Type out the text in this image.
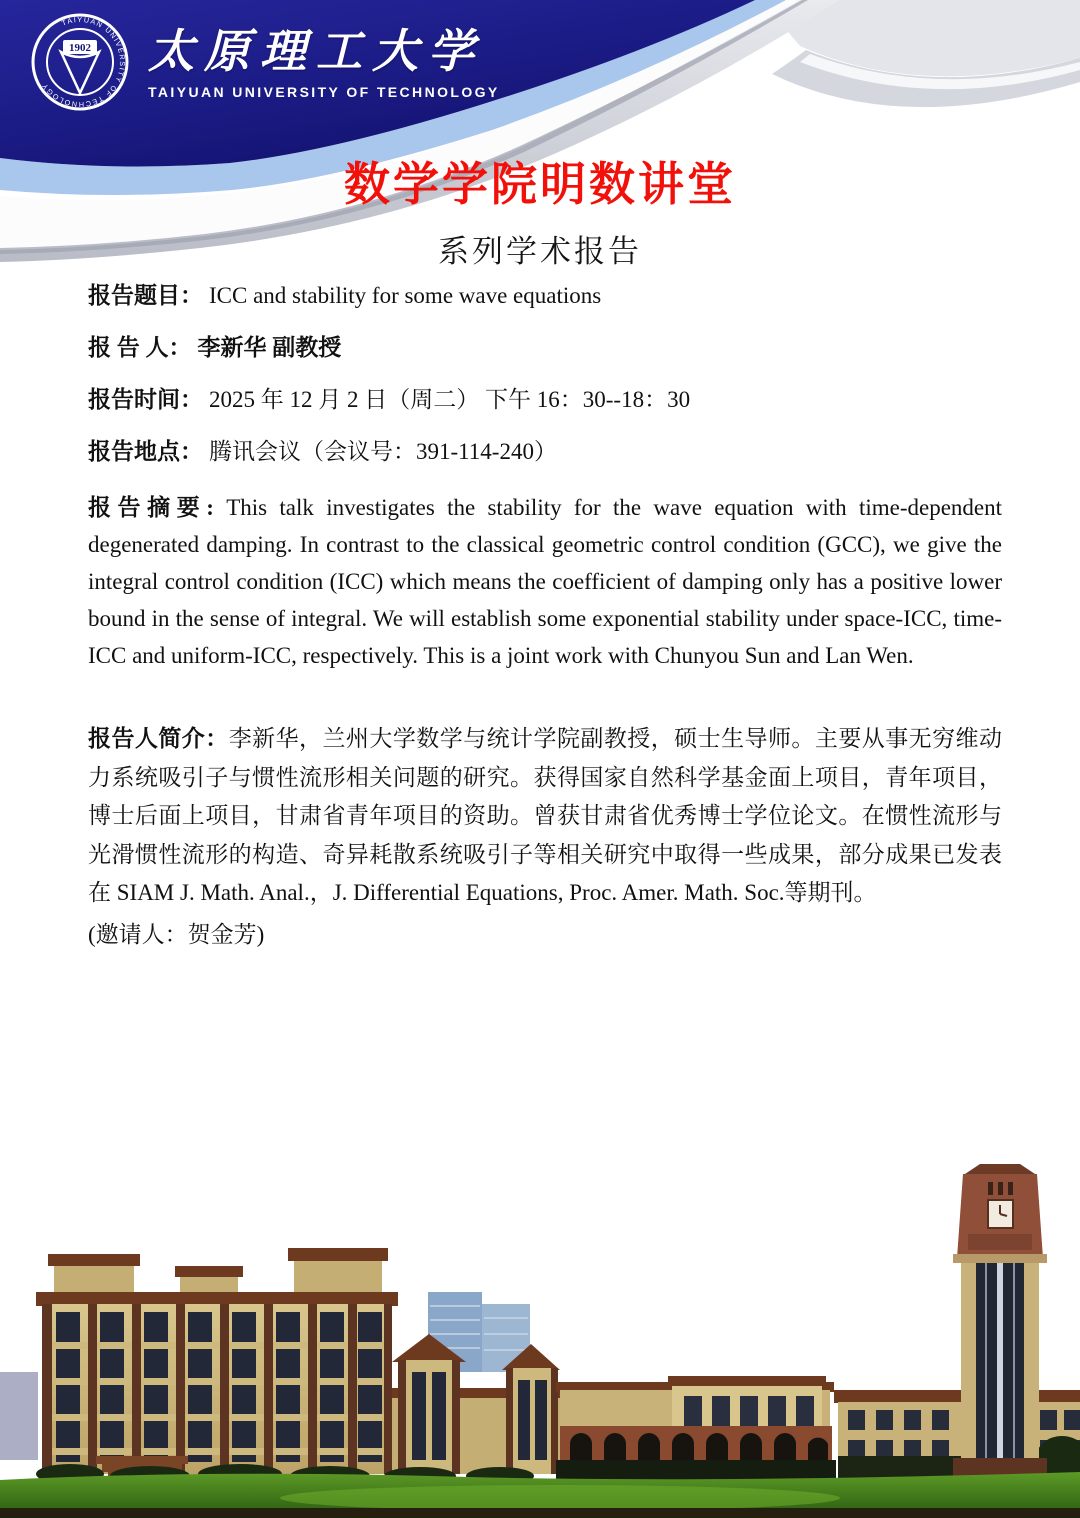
TAIYUAN UNIVERSITY OF TECHNOLOGY
1902 太原理工大学
TAIYUAN UNIVERSITY OF TECHNOLOGY
数学学院明数讲堂
系列学术报告

报告题目： ICC and stability for some wave equations

报 告 人： 李新华 副教授

报告时间： 2025 年 12 月 2 日（周二） 下午 16：30--18：30

报告地点： 腾讯会议（会议号：391-114-240）

报告摘要: This talk investigates the stability for the wave equation with time-dependent degenerated damping. In contrast to the classical geometric control condition (GCC), we give the integral control condition (ICC) which means the coefficient of damping only has a positive lower bound in the sense of integral. We will establish some exponential stability under space-ICC, time-ICC and uniform-ICC, respectively. This is a joint work with Chunyou Sun and Lan Wen.

报告人简介：李新华，兰州大学数学与统计学院副教授，硕士生导师。主要从事无穷维动力系统吸引子与惯性流形相关问题的研究。获得国家自然科学基金面上项目，青年项目，博士后面上项目，甘肃省青年项目的资助。曾获甘肃省优秀博士学位论文。在惯性流形与光滑惯性流形的构造、奇异耗散系统吸引子等相关研究中取得一些成果，部分成果已发表在 SIAM J. Math. Anal.，J. Differential Equations, Proc. Amer. Math. Soc.等期刊。

(邀请人：贺金芳)
